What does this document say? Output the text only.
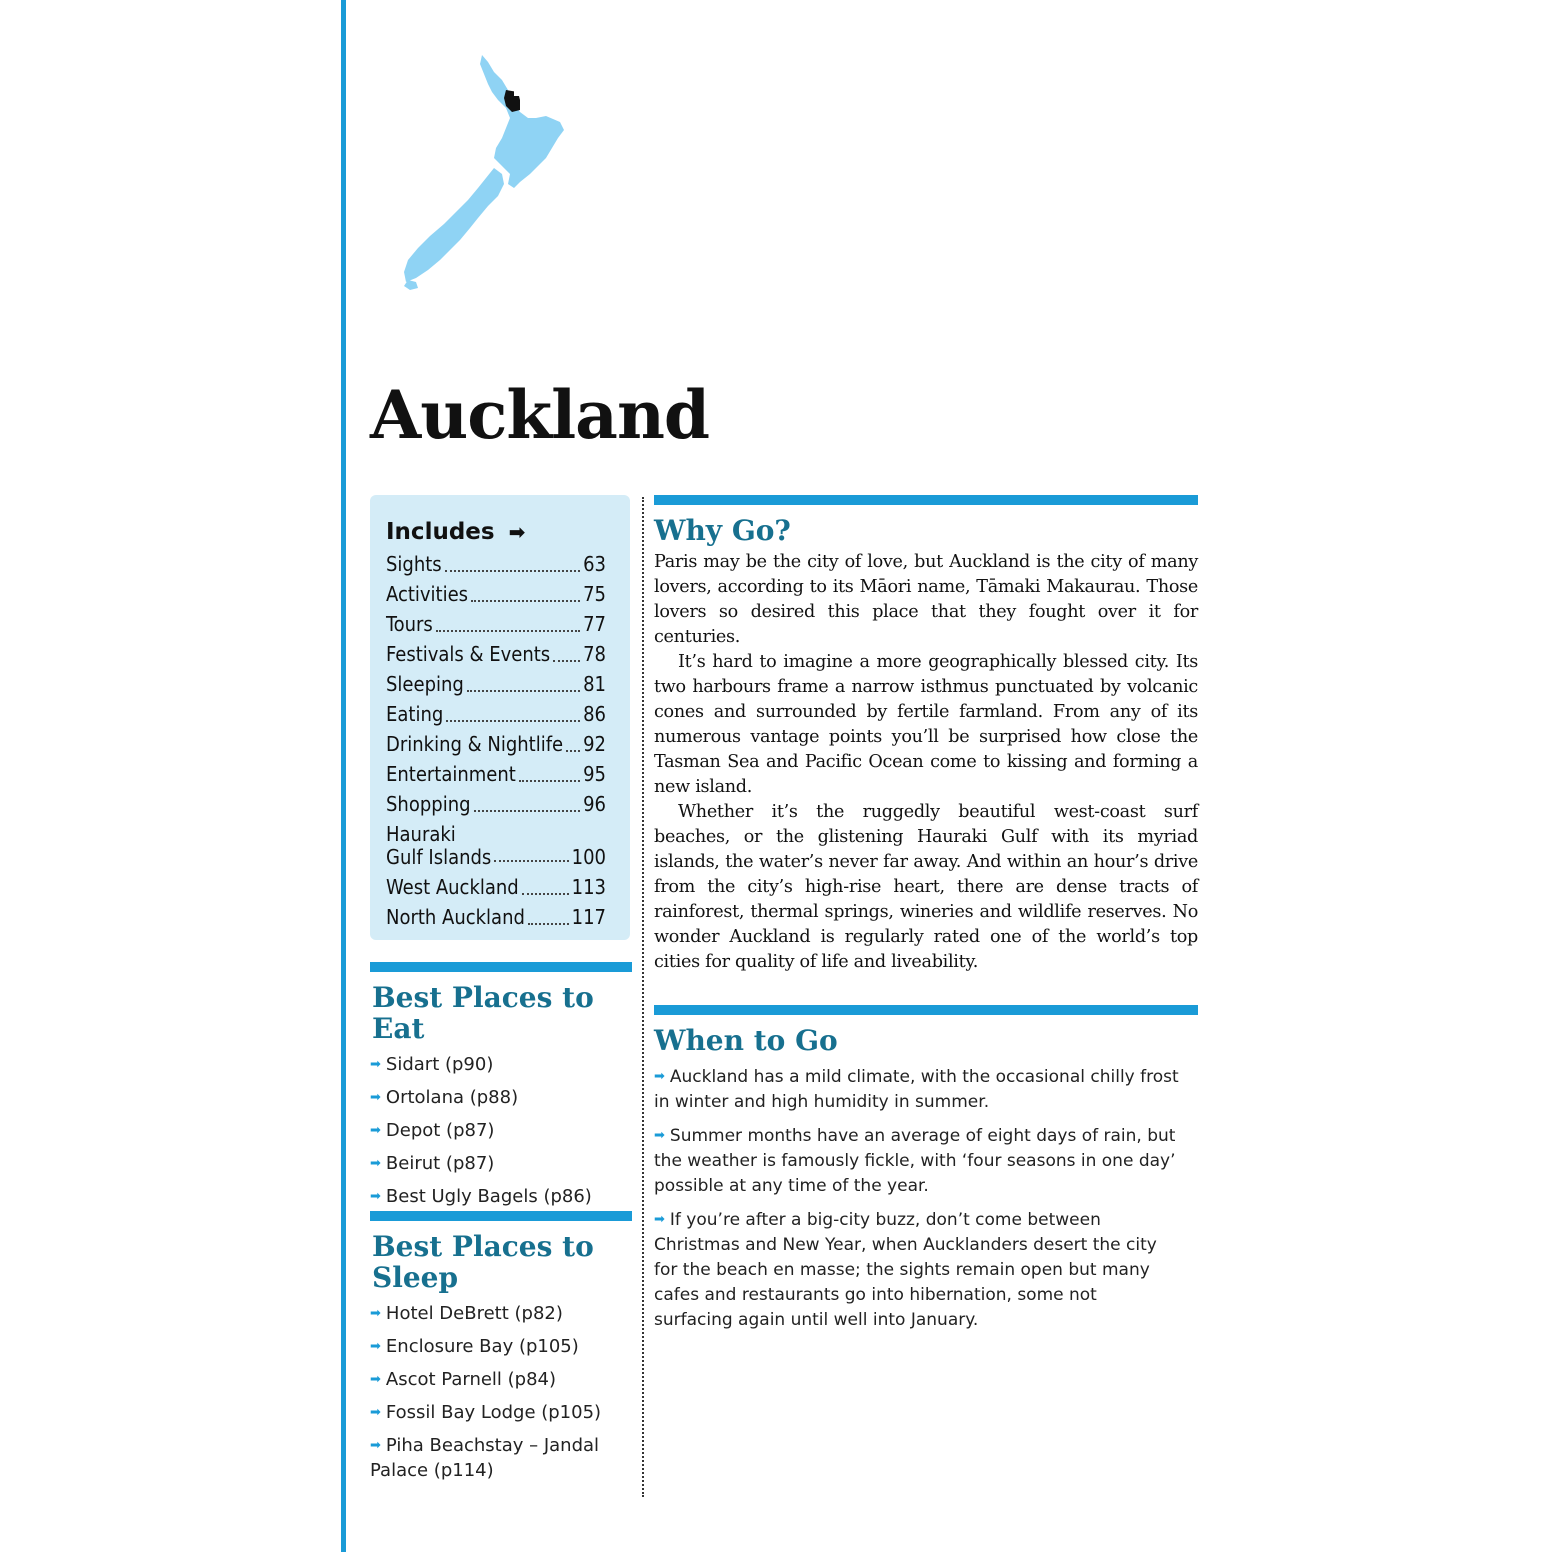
Auckland
Includes ➡
Sights	63
Activities	75
Tours	77
Festivals & Events 78
Sleeping	81
Eating	86
Drinking & Nightlife 92
Entertainment	95
Shopping	96
Hauraki
Gulf Islands	100
West Auckland	113
North Auckland 117
Best Places to Eat
➡ Sidart (p90)
➡ Ortolana (p88)
➡ Depot (p87)
➡ Beirut (p87)
➡ Best Ugly Bagels (p86)
Best Places to
Sleep
➡ Hotel DeBrett (p82)
➡ Enclosure Bay (p105)
➡ Ascot Parnell (p84)
➡ Fossil Bay Lodge (p105)
➡ Piha Beachstay – Jandal Palace (p114)
Why Go?

Paris may be the city of love, but Auckland is the city of many lovers, according to its Māori name, Tāmaki Makaurau. Those lovers so desired this place that they fought over it for centuries.

It’s hard to imagine a more geographically blessed city. Its two harbours frame a narrow isthmus punctuated by volcanic cones and surrounded by fertile farmland. From any of its numerous vantage points you’ll be surprised how close the Tasman Sea and Pacific Ocean come to kissing and forming a new island.

Whether it’s the ruggedly beautiful west-coast surf beaches, or the glistening Hauraki Gulf with its myriad islands, the water’s never far away. And within an hour’s drive from the city’s high-rise heart, there are dense tracts of rainforest, thermal springs, wineries and wildlife reserves. No wonder Auckland is regularly rated one of the world’s top cities for quality of life and liveability.

When to Go
➡ Auckland has a mild climate, with the occasional chilly frost in winter and high humidity in summer.
➡ Summer months have an average of eight days of rain, but the weather is famously fickle, with ‘four seasons in one day’ possible at any time of the year.
➡ If you’re after a big-city buzz, don’t come between Christmas and New Year, when Aucklanders desert the city for the beach en masse; the sights remain open but many cafes and restaurants go into hibernation, some not surfacing again until well into January.
